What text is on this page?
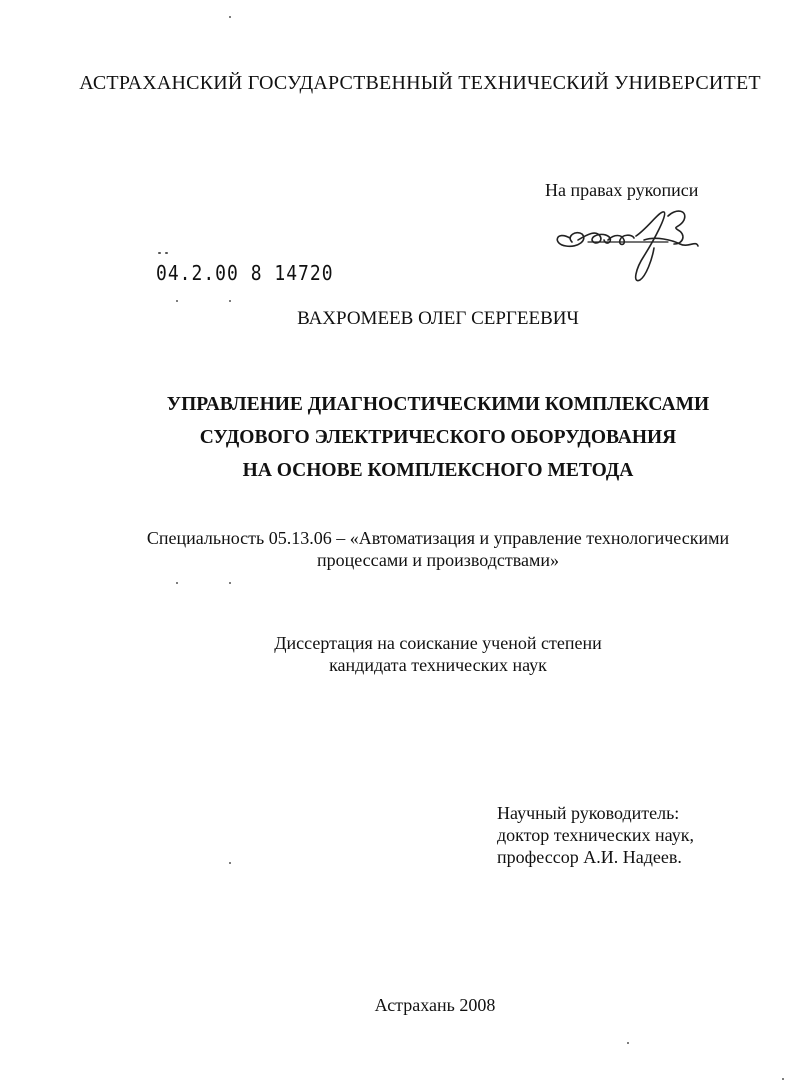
АСТРАХАНСКИЙ ГОСУДАРСТВЕННЫЙ ТЕХНИЧЕСКИЙ УНИВЕРСИТЕТ
На правах рукописи
04.2.00 8 14720
ВАХРОМЕЕВ ОЛЕГ СЕРГЕЕВИЧ
УПРАВЛЕНИЕ ДИАГНОСТИЧЕСКИМИ КОМПЛЕКСАМИ
СУДОВОГО ЭЛЕКТРИЧЕСКОГО ОБОРУДОВАНИЯ
НА ОСНОВЕ КОМПЛЕКСНОГО МЕТОДА
Специальность 05.13.06 – «Автоматизация и управление технологическими
процессами и производствами»
Диссертация на соискание ученой степени
кандидата технических наук
Научный руководитель:
доктор технических наук,
профессор А.И. Надеев.
Астрахань 2008
